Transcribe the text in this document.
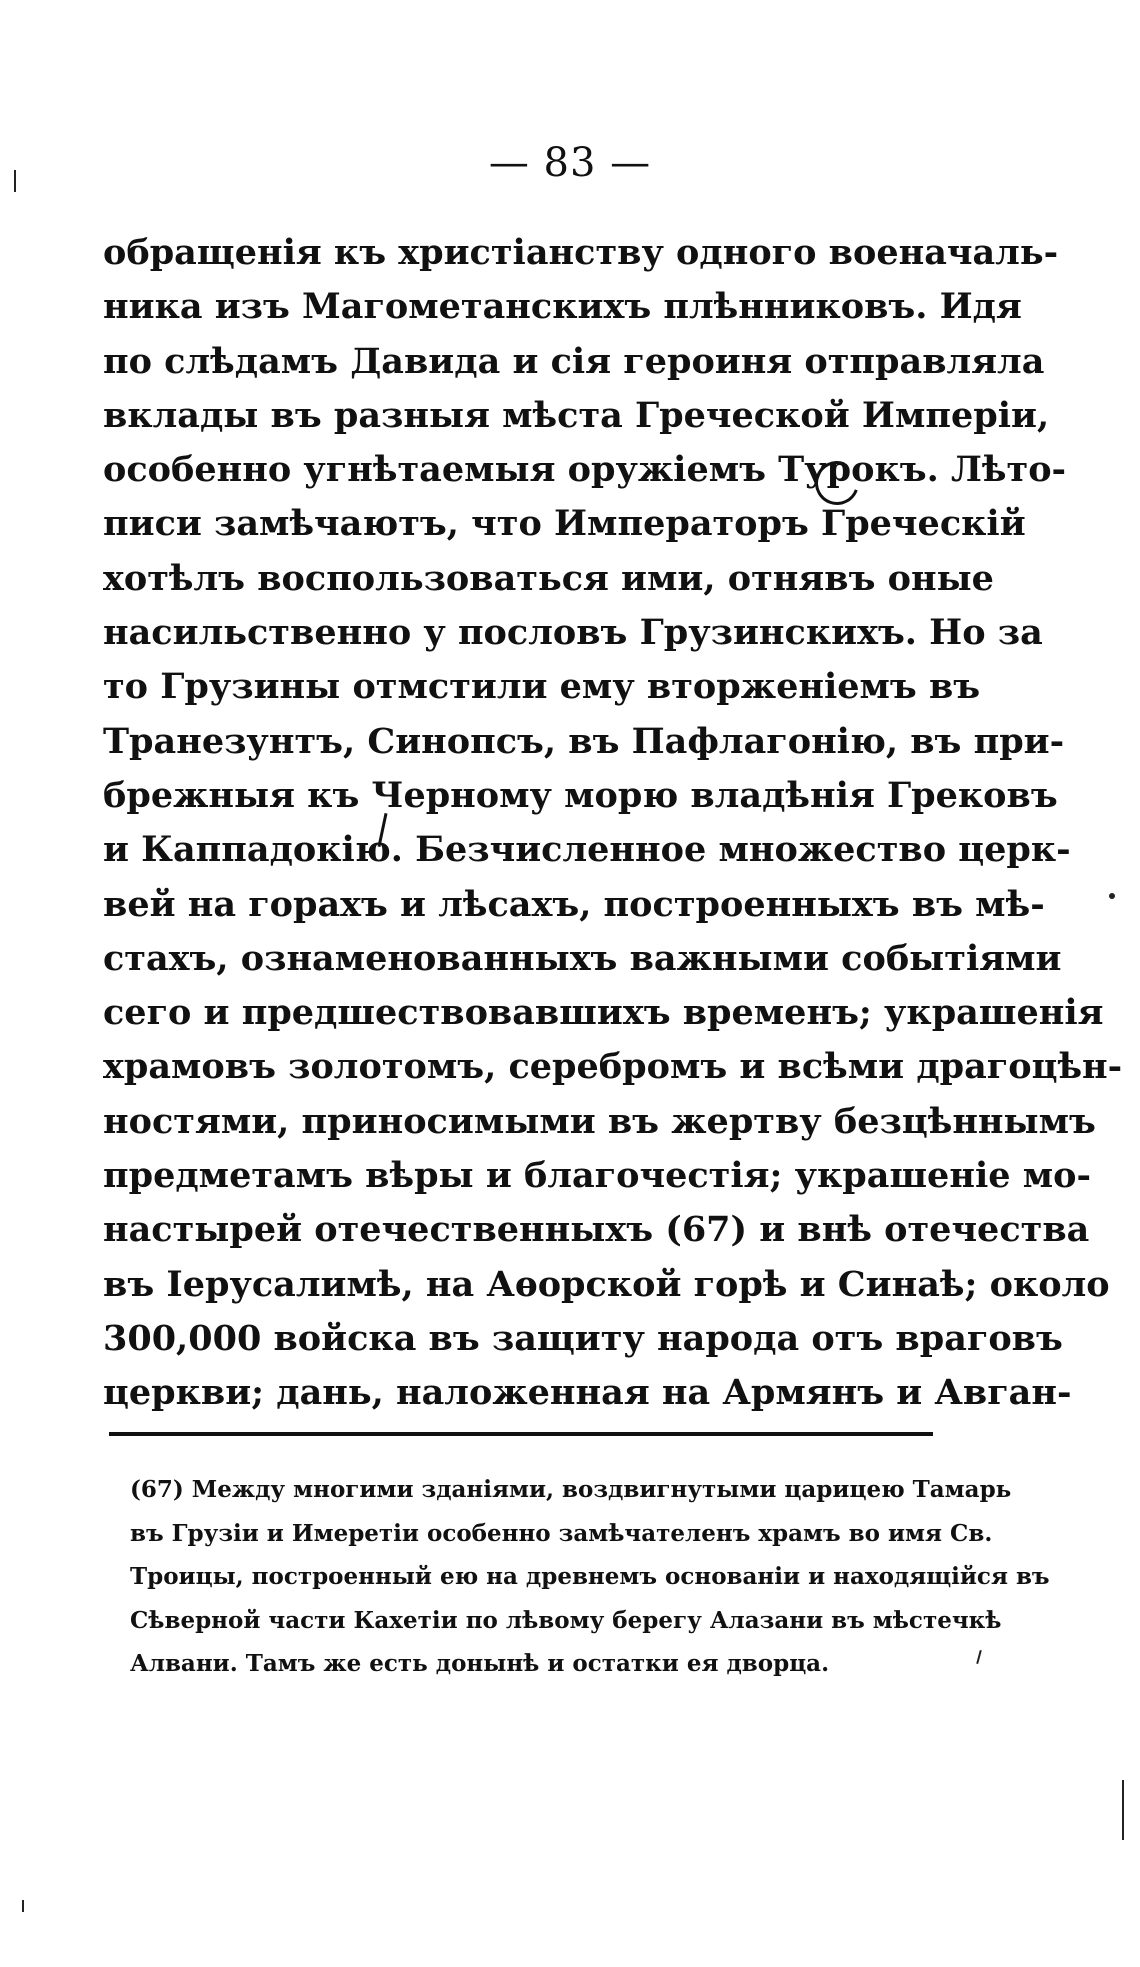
— 83 —
обращенія къ христіанству одного военачаль-
ника изъ Магометанскихъ плѣнниковъ. Идя
по слѣдамъ Давида и сія героиня отправляла
вклады въ разныя мѣста Греческой Имперіи,
особенно угнѣтаемыя оружіемъ Турокъ. Лѣто-
писи замѣчаютъ, что Императоръ Греческій
хотѣлъ воспользоваться ими, отнявъ оные
насильственно у пословъ Грузинскихъ. Но за
то Грузины отмстили ему вторженіемъ въ
Транезунтъ, Синопсъ, въ Пафлагонію, въ при-
брежныя къ Черному морю владѣнія Грековъ
и Каппадокію. Безчисленное множество церк-
вей на горахъ и лѣсахъ, построенныхъ въ мѣ-
стахъ, ознаменованныхъ важными событіями
сего и предшествовавшихъ временъ; украшенія
храмовъ золотомъ, серебромъ и всѣми драгоцѣн-
ностями, приносимыми въ жертву безцѣннымъ
предметамъ вѣры и благочестія; украшеніе мо-
настырей отечественныхъ (67) и внѣ отечества
въ Іерусалимѣ, на Аѳорской горѣ и Синаѣ; около
300,000 войска въ защиту народа отъ враговъ
церкви; дань, наложенная на Армянъ и Авган-
(67) Между многими зданіями, воздвигнутыми царицею Тамарь
въ Грузіи и Имеретіи особенно замѣчателенъ храмъ во имя Св.
Троицы, построенный ею на древнемъ основаніи и находящійся въ
Сѣверной части Кахетіи по лѣвому берегу Алазани въ мѣстечкѣ
Алвани. Тамъ же есть донынѣ и остатки ея дворца.
